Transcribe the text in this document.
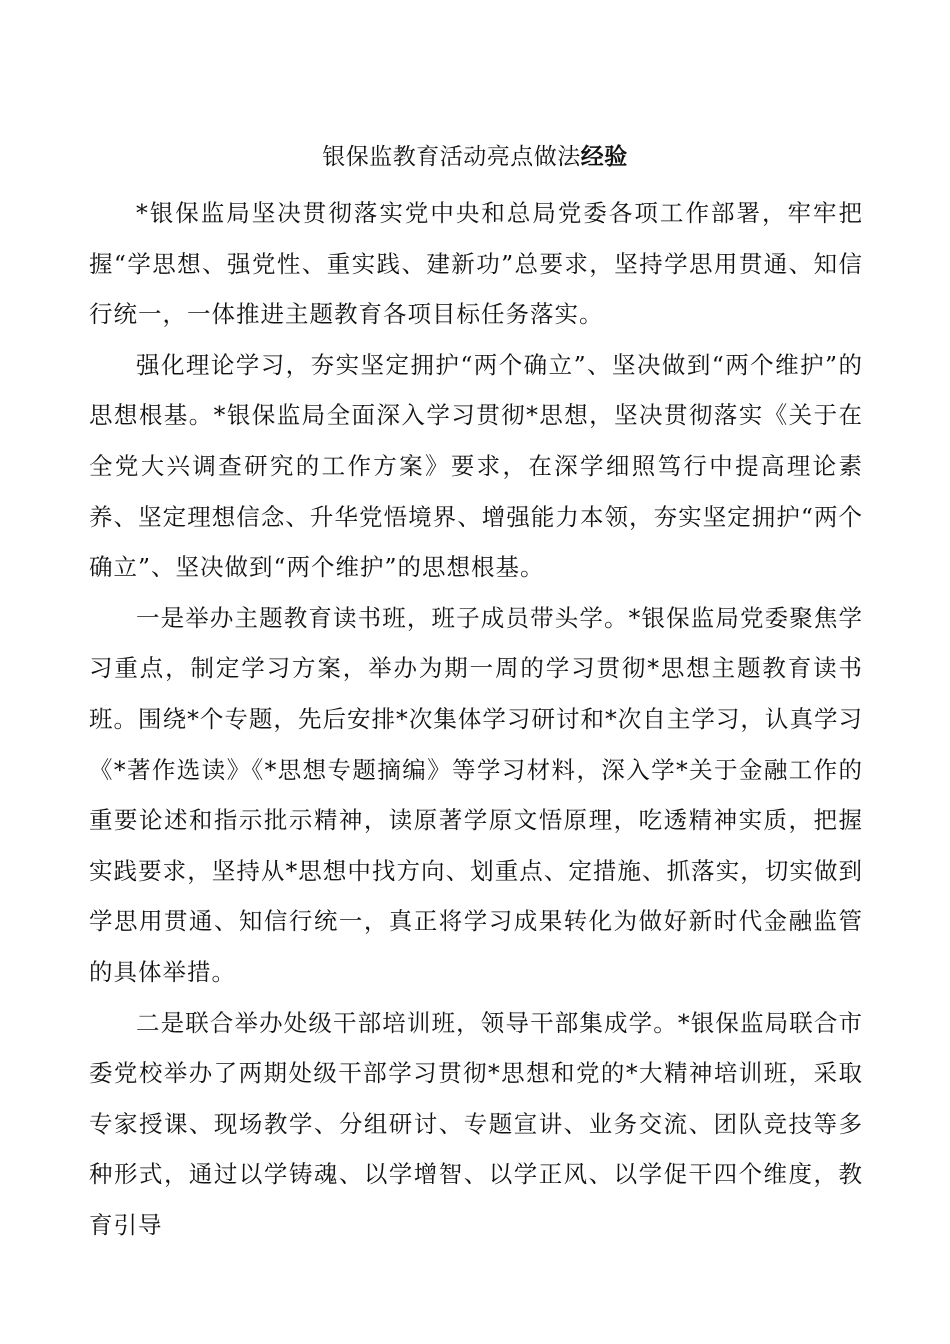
银保监教育活动亮点做法经验

*银保监局坚决贯彻落实党中央和总局党委各项工作部署，牢牢把握“学思想、强党性、重实践、建新功”总要求，坚持学思用贯通、知信行统一，一体推进主题教育各项目标任务落实。

强化理论学习，夯实坚定拥护“两个确立”、坚决做到“两个维护”的思想根基。*银保监局全面深入学习贯彻*思想，坚决贯彻落实《关于在全党大兴调查研究的工作方案》要求，在深学细照笃行中提高理论素养、坚定理想信念、升华党悟境界、增强能力本领，夯实坚定拥护“两个确立”、坚决做到“两个维护”的思想根基。

一是举办主题教育读书班，班子成员带头学。*银保监局党委聚焦学习重点，制定学习方案，举办为期一周的学习贯彻*思想主题教育读书班。围绕*个专题，先后安排*次集体学习研讨和*次自主学习，认真学习《*著作选读》《*思想专题摘编》等学习材料，深入学*关于金融工作的重要论述和指示批示精神，读原著学原文悟原理，吃透精神实质，把握实践要求，坚持从*思想中找方向、划重点、定措施、抓落实，切实做到学思用贯通、知信行统一，真正将学习成果转化为做好新时代金融监管的具体举措。

二是联合举办处级干部培训班，领导干部集成学。*银保监局联合市委党校举办了两期处级干部学习贯彻*思想和党的*大精神培训班，采取专家授课、现场教学、分组研讨、专题宣讲、业务交流、团队竞技等多种形式，通过以学铸魂、以学增智、以学正风、以学促干四个维度，教育引导
